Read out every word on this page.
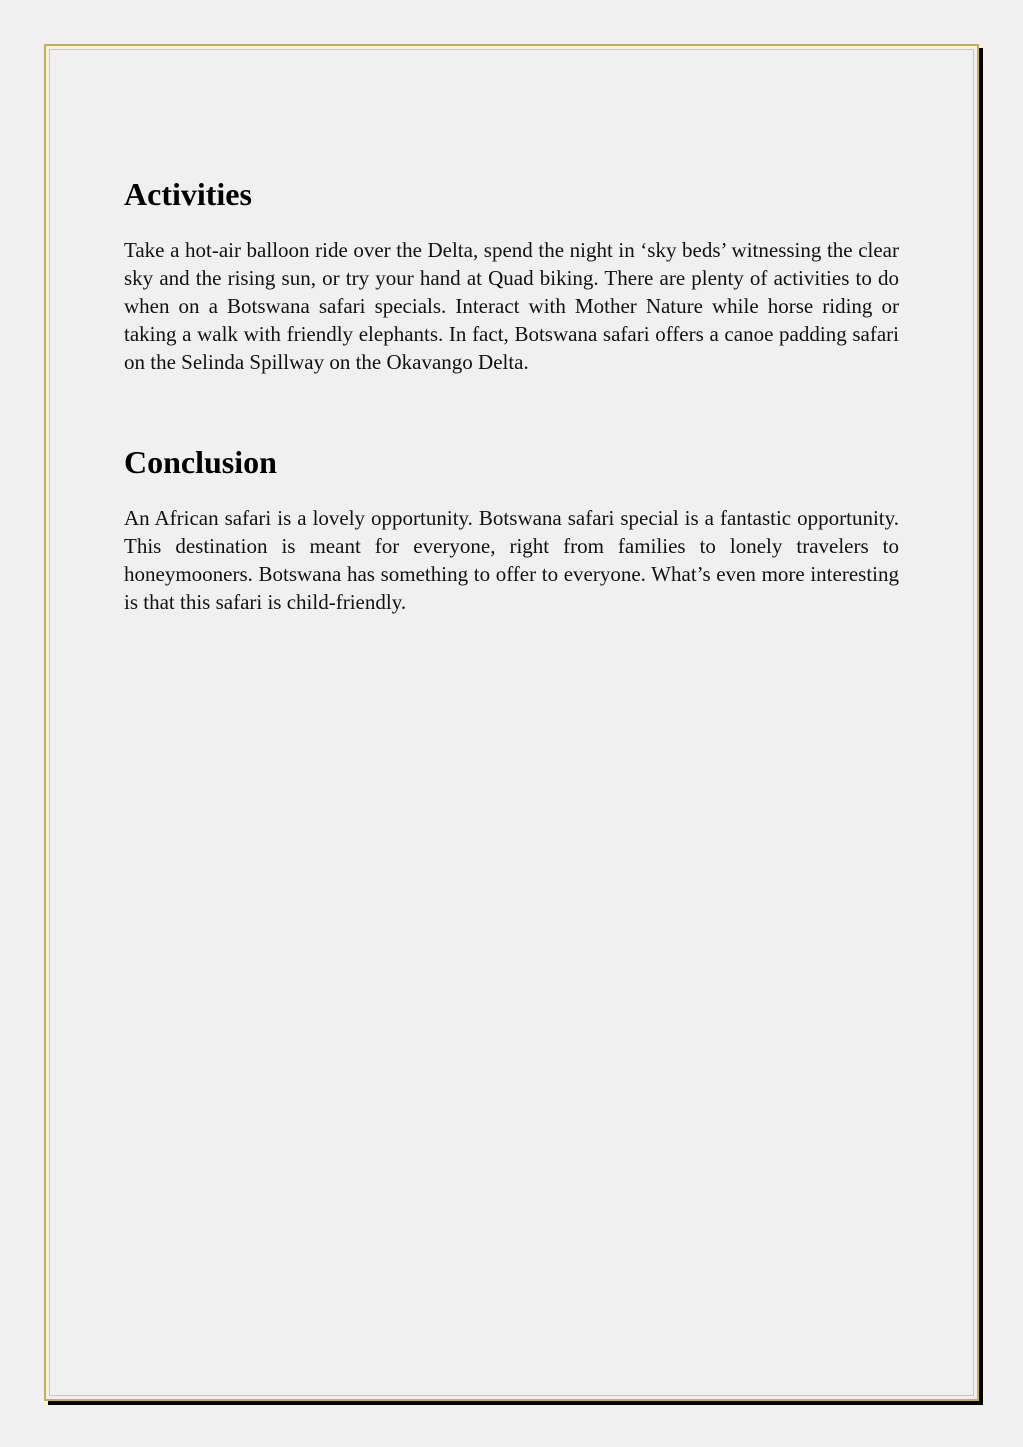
Activities

Take a hot-air balloon ride over the Delta, spend the night in ‘sky beds’ witnessing the clear sky and the rising sun, or try your hand at Quad biking. There are plenty of activities to do when on a Botswana safari specials. Interact with Mother Nature while horse riding or taking a walk with friendly elephants. In fact, Botswana safari offers a canoe padding safari on the Selinda Spillway on the Okavango Delta.

Conclusion

An African safari is a lovely opportunity. Botswana safari special is a fantastic opportunity. This destination is meant for everyone, right from families to lonely travelers to honeymooners. Botswana has something to offer to everyone. What’s even more interesting is that this safari is child-friendly.
